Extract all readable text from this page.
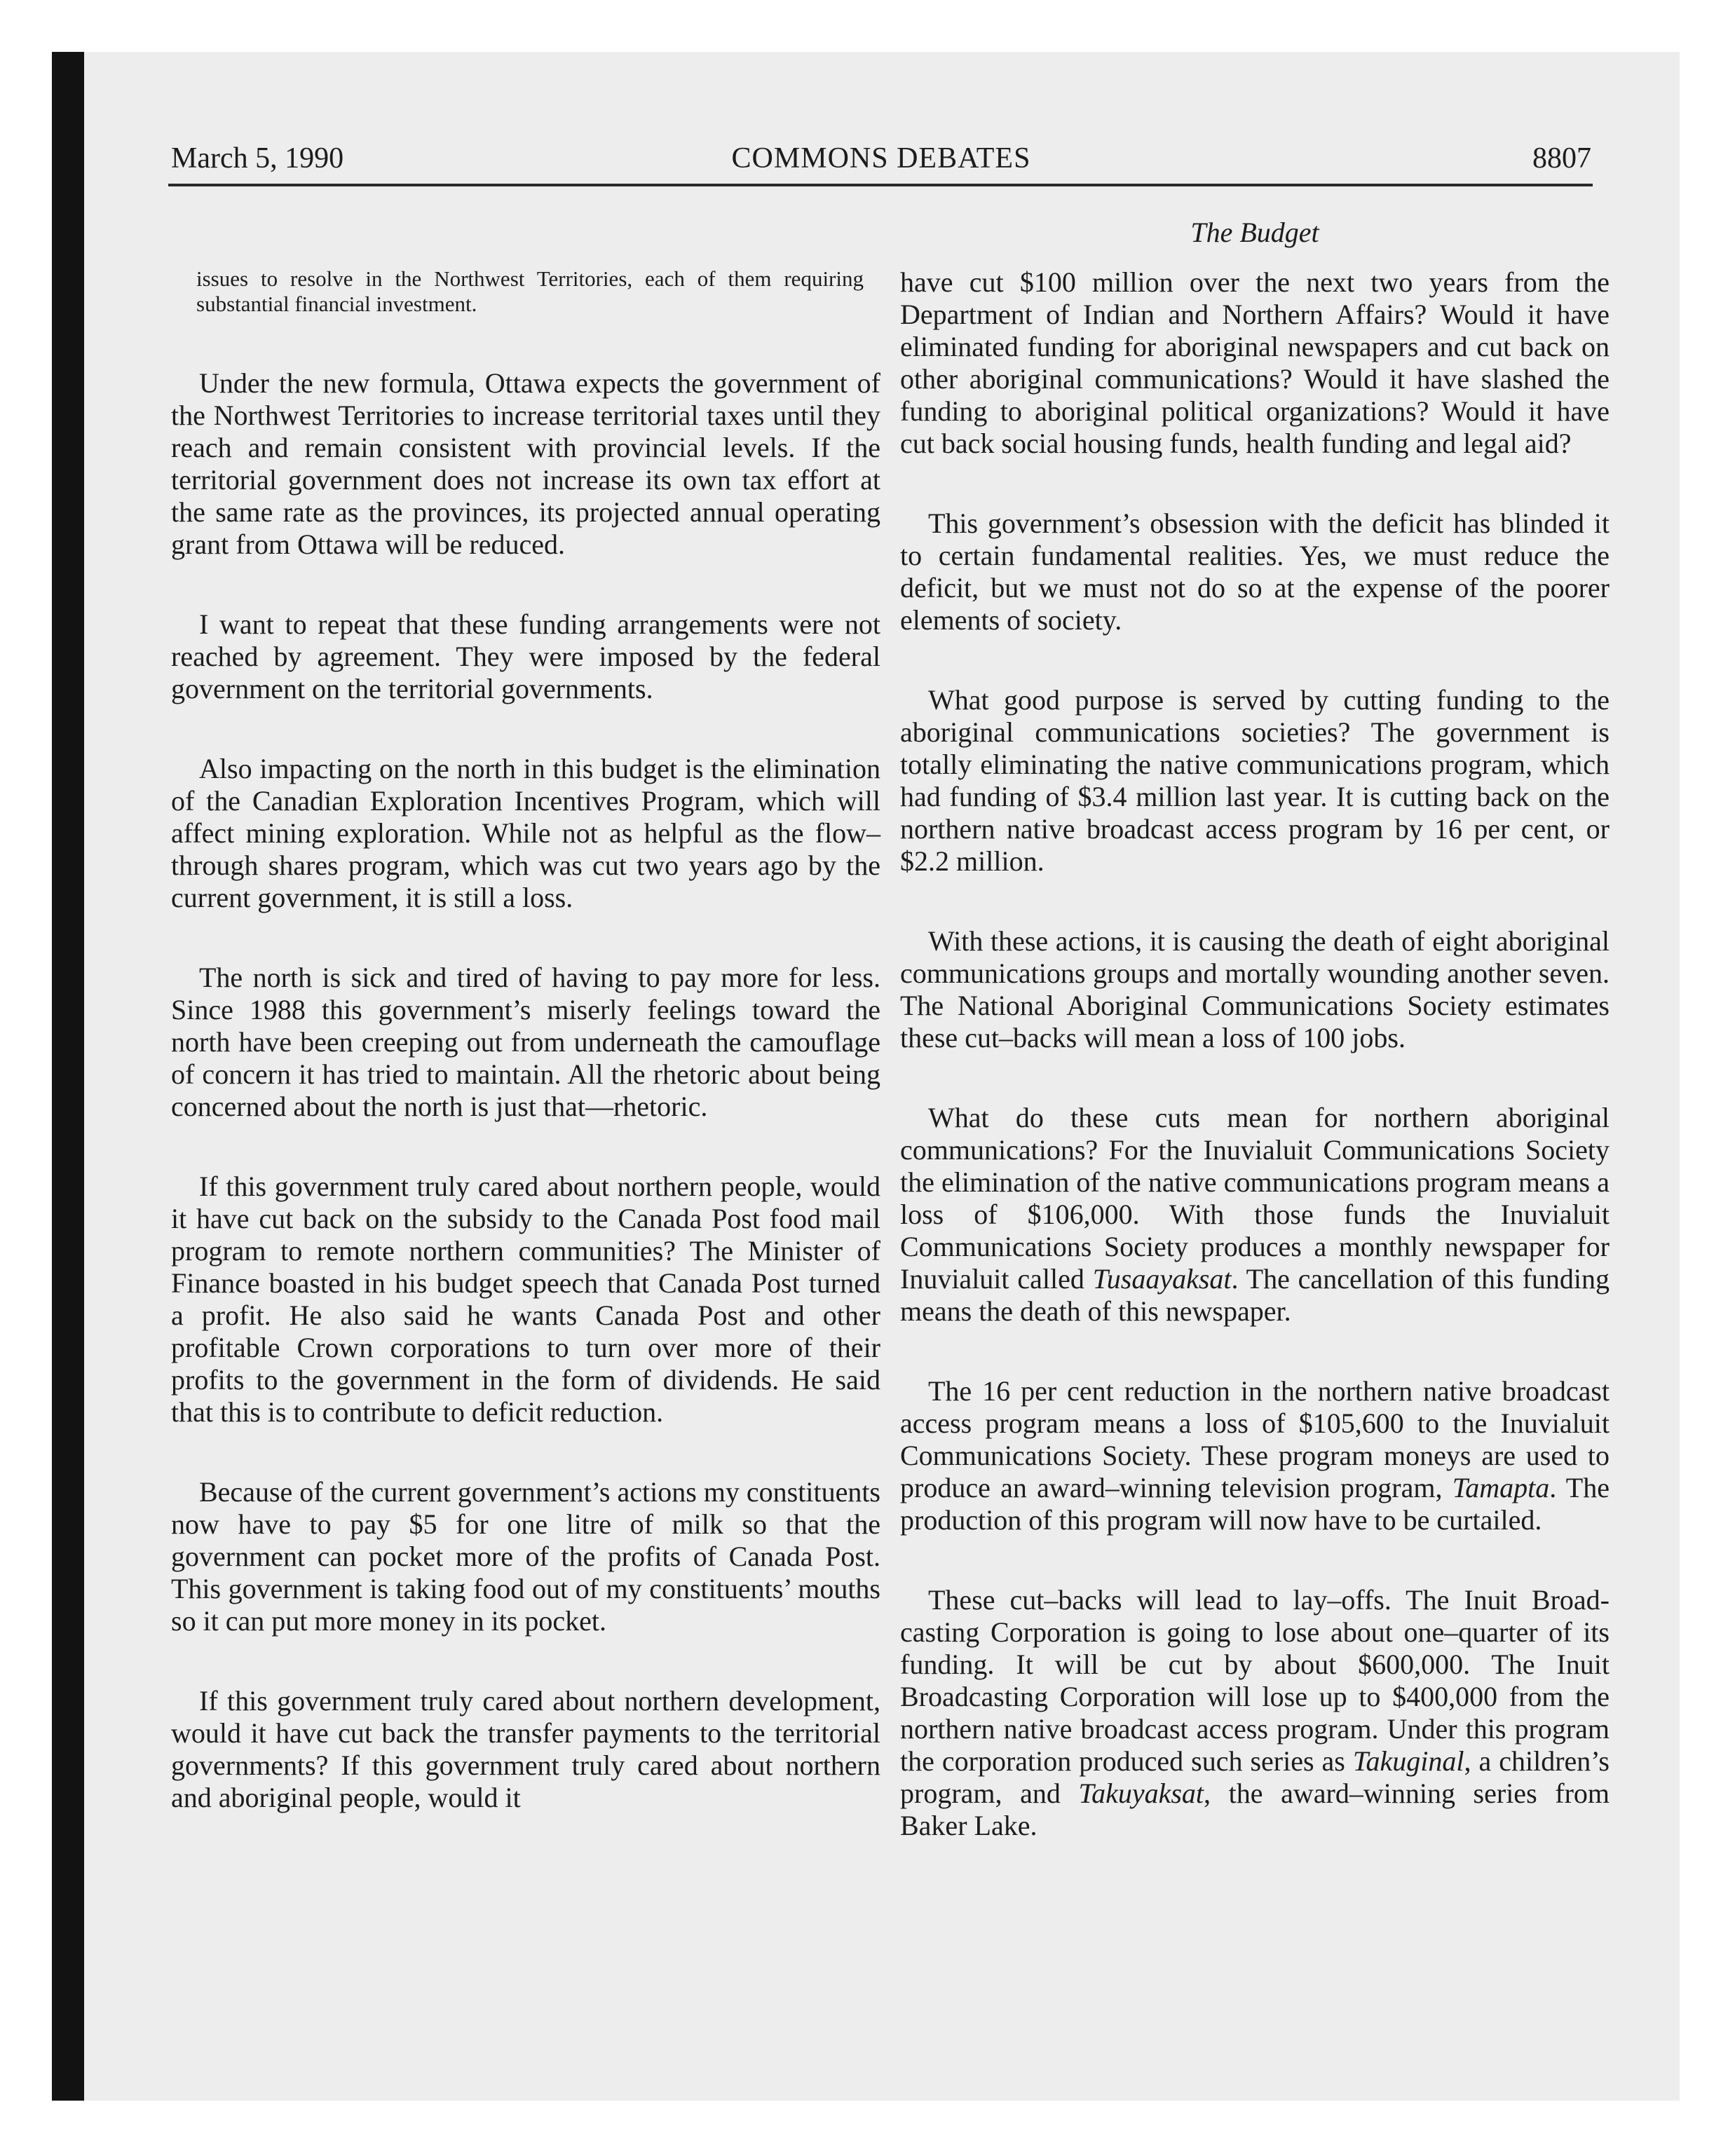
COMMONS DEBATES
March 5, 1990	8807
issues to resolve in the Northwest Territories, each of them requiring substantial financial investment.

Under the new formula, Ottawa expects the government of the Northwest Territories to increase territorial taxes until they reach and remain consistent with provincial levels. If the territorial government does not increase its own tax effort at the same rate as the provinces, its projected annual operating grant from Ottawa will be reduced.

I want to repeat that these funding arrangements were not reached by agreement. They were imposed by the federal government on the territorial governments.

Also impacting on the north in this budget is the elimination of the Canadian Exploration Incentives Program, which will affect mining exploration. While not as helpful as the flow–through shares program, which was cut two years ago by the current government, it is still a loss.

The north is sick and tired of having to pay more for less. Since 1988 this government’s miserly feelings toward the north have been creeping out from underneath the camouflage of concern it has tried to maintain. All the rhetoric about being concerned about the north is just that—rhetoric.

If this government truly cared about northern people, would it have cut back on the subsidy to the Canada Post food mail program to remote northern communities? The Minister of Finance boasted in his budget speech that Canada Post turned a profit. He also said he wants Canada Post and other profitable Crown corporations to turn over more of their profits to the government in the form of dividends. He said that this is to contribute to deficit reduction.

Because of the current government’s actions my constituents now have to pay $5 for one litre of milk so that the government can pocket more of the profits of Canada Post. This government is taking food out of my constituents’ mouths so it can put more money in its pocket.

If this government truly cared about northern development, would it have cut back the transfer payments to the territorial governments? If this government truly cared about northern and aboriginal people, would it

The Budget

have cut $100 million over the next two years from the Department of Indian and Northern Affairs? Would it have eliminated funding for aboriginal newspapers and cut back on other aboriginal communications? Would it have slashed the funding to aboriginal political organizations? Would it have cut back social housing funds, health funding and legal aid?

This government’s obsession with the deficit has blinded it to certain fundamental realities. Yes, we must reduce the deficit, but we must not do so at the expense of the poorer elements of society.

What good purpose is served by cutting funding to the aboriginal communications societies? The government is totally eliminating the native communications program, which had funding of $3.4 million last year. It is cutting back on the northern native broadcast access program by 16 per cent, or $2.2 million.

With these actions, it is causing the death of eight aboriginal communications groups and mortally wounding another seven. The National Aboriginal Communications Society estimates these cut–backs will mean a loss of 100 jobs.

What do these cuts mean for northern aboriginal communications? For the Inuvialuit Communications Society the elimination of the native communications program means a loss of $106,000. With those funds the Inuvialuit Communications Society produces a monthly newspaper for Inuvialuit called Tusaayaksat. The cancellation of this funding means the death of this newspaper.

The 16 per cent reduction in the northern native broadcast access program means a loss of $105,600 to the Inuvialuit Communications Society. These program moneys are used to produce an award–winning television program, Tamapta. The production of this program will now have to be curtailed.

These cut–backs will lead to lay–offs. The Inuit Broadcasting Corporation is going to lose about one–quarter of its funding. It will be cut by about $600,000. The Inuit Broadcasting Corporation will lose up to $400,000 from the northern native broadcast access program. Under this program the corporation produced such series as Takuginal, a children’s program, and Takuyaksat, the award–winning series from Baker Lake.
